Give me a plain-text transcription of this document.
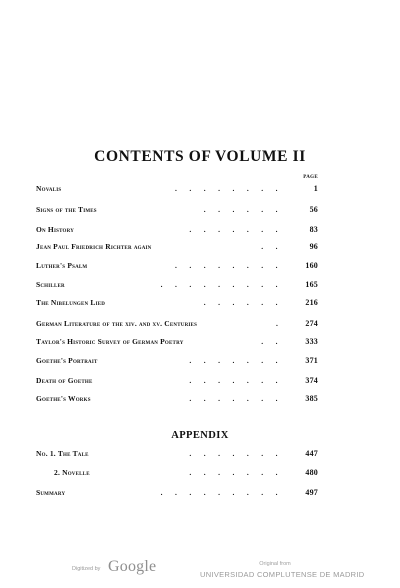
CONTENTS OF VOLUME II
PAGE
Novalis	........	1
Signs of the Times	...... 56
On History	....... 83
Jean Paul Friedrich Richter again	.. 96
Luther's Psalm	........ 160
Schiller	......... 165
The Nibelungen Lied	...... 216
German Literature of the xiv. and xv. Centuries	. 274
Taylor's Historic Survey of German Poetry	.. 333
Goethe's Portrait	....... 371
Death of Goethe	....... 374
Goethe's Works	....... 385
APPENDIX
No. 1. The Tale	....... 447
2. Novelle	....... 480
Summary	......... 497
Digitized by Google	Original from
UNIVERSIDAD COMPLUTENSE DE MADRID
